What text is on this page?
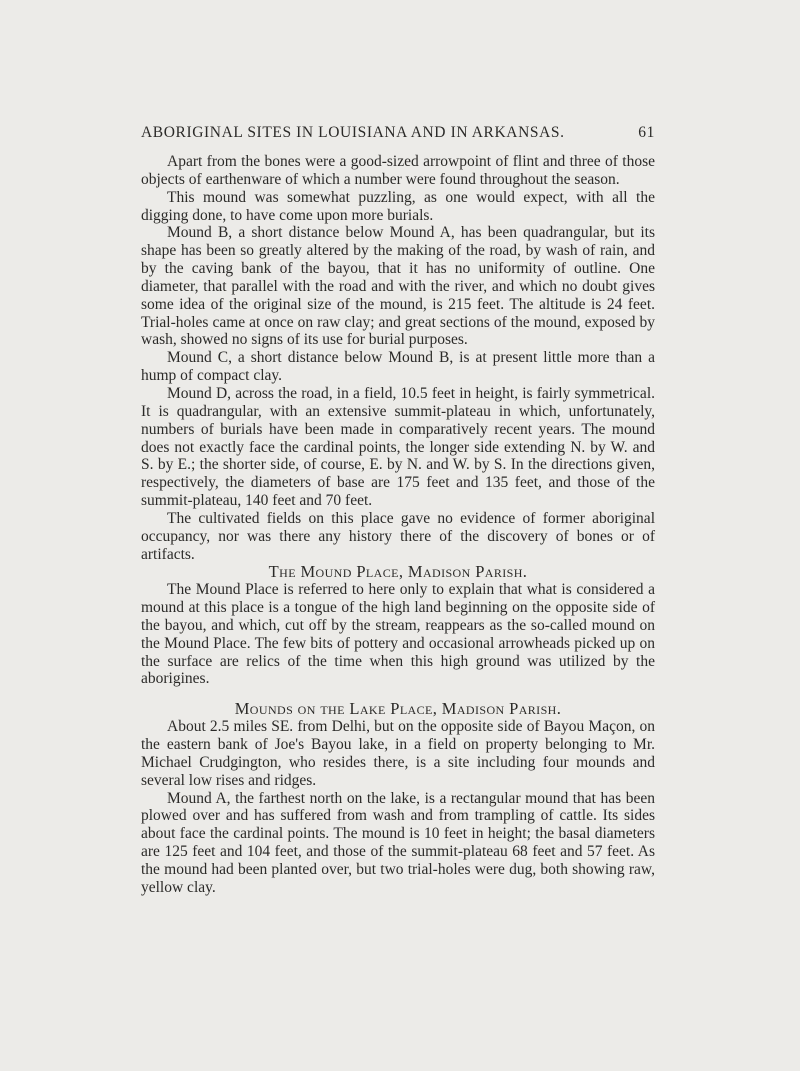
ABORIGINAL SITES IN LOUISIANA AND IN ARKANSAS.	61

Apart from the bones were a good-sized arrowpoint of flint and three of those objects of earthenware of which a number were found throughout the season.

This mound was somewhat puzzling, as one would expect, with all the digging done, to have come upon more burials.

Mound B, a short distance below Mound A, has been quadrangular, but its shape has been so greatly altered by the making of the road, by wash of rain, and by the caving bank of the bayou, that it has no uniformity of outline. One diameter, that parallel with the road and with the river, and which no doubt gives some idea of the original size of the mound, is 215 feet. The altitude is 24 feet. Trial-holes came at once on raw clay; and great sections of the mound, exposed by wash, showed no signs of its use for burial purposes.

Mound C, a short distance below Mound B, is at present little more than a hump of compact clay.

Mound D, across the road, in a field, 10.5 feet in height, is fairly symmetrical. It is quadrangular, with an extensive summit-plateau in which, unfortunately, numbers of burials have been made in comparatively recent years. The mound does not exactly face the cardinal points, the longer side extending N. by W. and S. by E.; the shorter side, of course, E. by N. and W. by S. In the directions given, respectively, the diameters of base are 175 feet and 135 feet, and those of the summit-plateau, 140 feet and 70 feet.

The cultivated fields on this place gave no evidence of former aboriginal occupancy, nor was there any history there of the discovery of bones or of artifacts.

The Mound Place, Madison Parish.

The Mound Place is referred to here only to explain that what is considered a mound at this place is a tongue of the high land beginning on the opposite side of the bayou, and which, cut off by the stream, reappears as the so-called mound on the Mound Place. The few bits of pottery and occasional arrowheads picked up on the surface are relics of the time when this high ground was utilized by the aborigines.

Mounds on the Lake Place, Madison Parish.

About 2.5 miles SE. from Delhi, but on the opposite side of Bayou Maçon, on the eastern bank of Joe's Bayou lake, in a field on property belonging to Mr. Michael Crudgington, who resides there, is a site including four mounds and several low rises and ridges.

Mound A, the farthest north on the lake, is a rectangular mound that has been plowed over and has suffered from wash and from trampling of cattle. Its sides about face the cardinal points. The mound is 10 feet in height; the basal diameters are 125 feet and 104 feet, and those of the summit-plateau 68 feet and 57 feet. As the mound had been planted over, but two trial-holes were dug, both showing raw, yellow clay.
